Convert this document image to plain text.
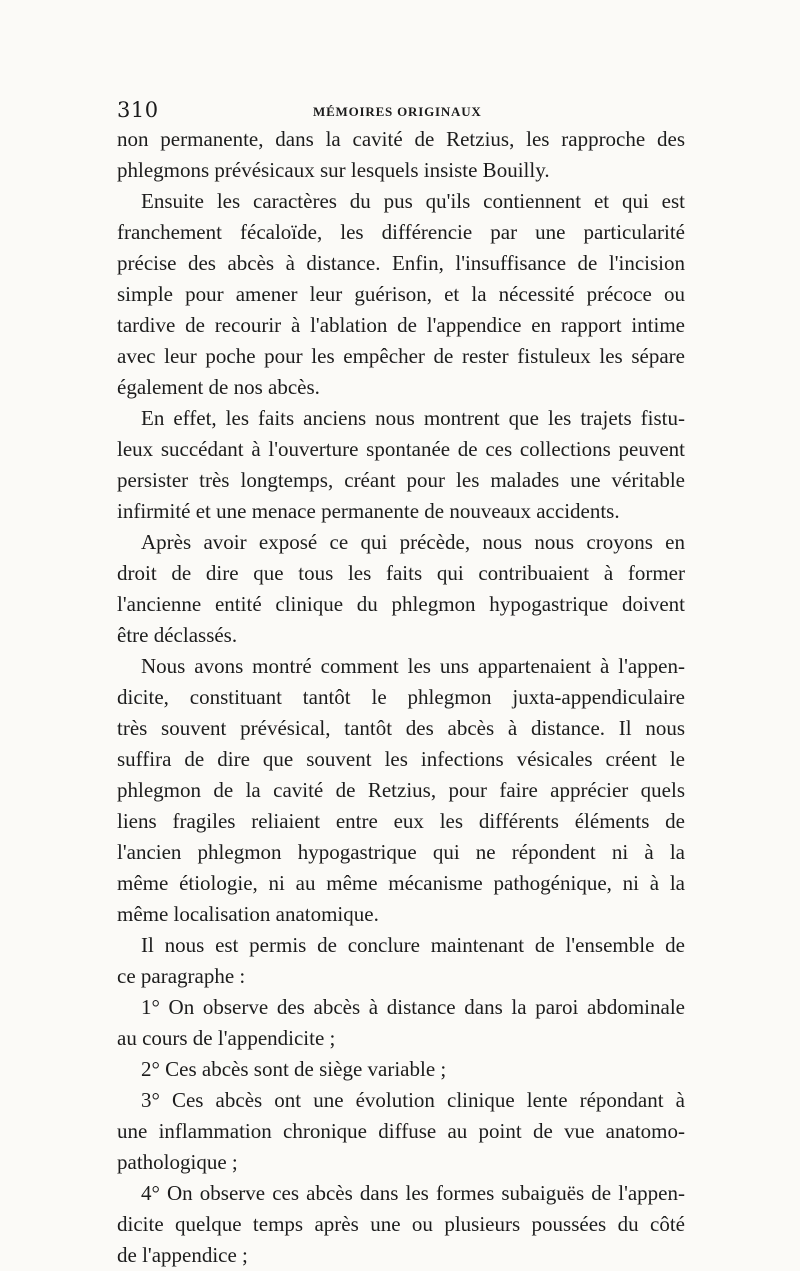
310	MÉMOIRES ORIGINAUX
non permanente, dans la cavité de Retzius, les rapproche des
phlegmons prévésicaux sur lesquels insiste Bouilly.
Ensuite les caractères du pus qu'ils contiennent et qui est
franchement fécaloïde, les différencie par une particularité
précise des abcès à distance. Enfin, l'insuffisance de l'incision
simple pour amener leur guérison, et la nécessité précoce ou
tardive de recourir à l'ablation de l'appendice en rapport intime
avec leur poche pour les empêcher de rester fistuleux les sépare
également de nos abcès.
En effet, les faits anciens nous montrent que les trajets fistu-
leux succédant à l'ouverture spontanée de ces collections peuvent
persister très longtemps, créant pour les malades une véritable
infirmité et une menace permanente de nouveaux accidents.
Après avoir exposé ce qui précède, nous nous croyons en
droit de dire que tous les faits qui contribuaient à former
l'ancienne entité clinique du phlegmon hypogastrique doivent
être déclassés.
Nous avons montré comment les uns appartenaient à l'appen-
dicite, constituant tantôt le phlegmon juxta-appendiculaire
très souvent prévésical, tantôt des abcès à distance. Il nous
suffira de dire que souvent les infections vésicales créent le
phlegmon de la cavité de Retzius, pour faire apprécier quels
liens fragiles reliaient entre eux les différents éléments de
l'ancien phlegmon hypogastrique qui ne répondent ni à la
même étiologie, ni au même mécanisme pathogénique, ni à la
même localisation anatomique.
Il nous est permis de conclure maintenant de l'ensemble de
ce paragraphe :
1° On observe des abcès à distance dans la paroi abdominale
au cours de l'appendicite ;
2° Ces abcès sont de siège variable ;
3° Ces abcès ont une évolution clinique lente répondant à
une inflammation chronique diffuse au point de vue anatomo-
pathologique ;
4° On observe ces abcès dans les formes subaiguës de l'appen-
dicite quelque temps après une ou plusieurs poussées du côté
de l'appendice ;
